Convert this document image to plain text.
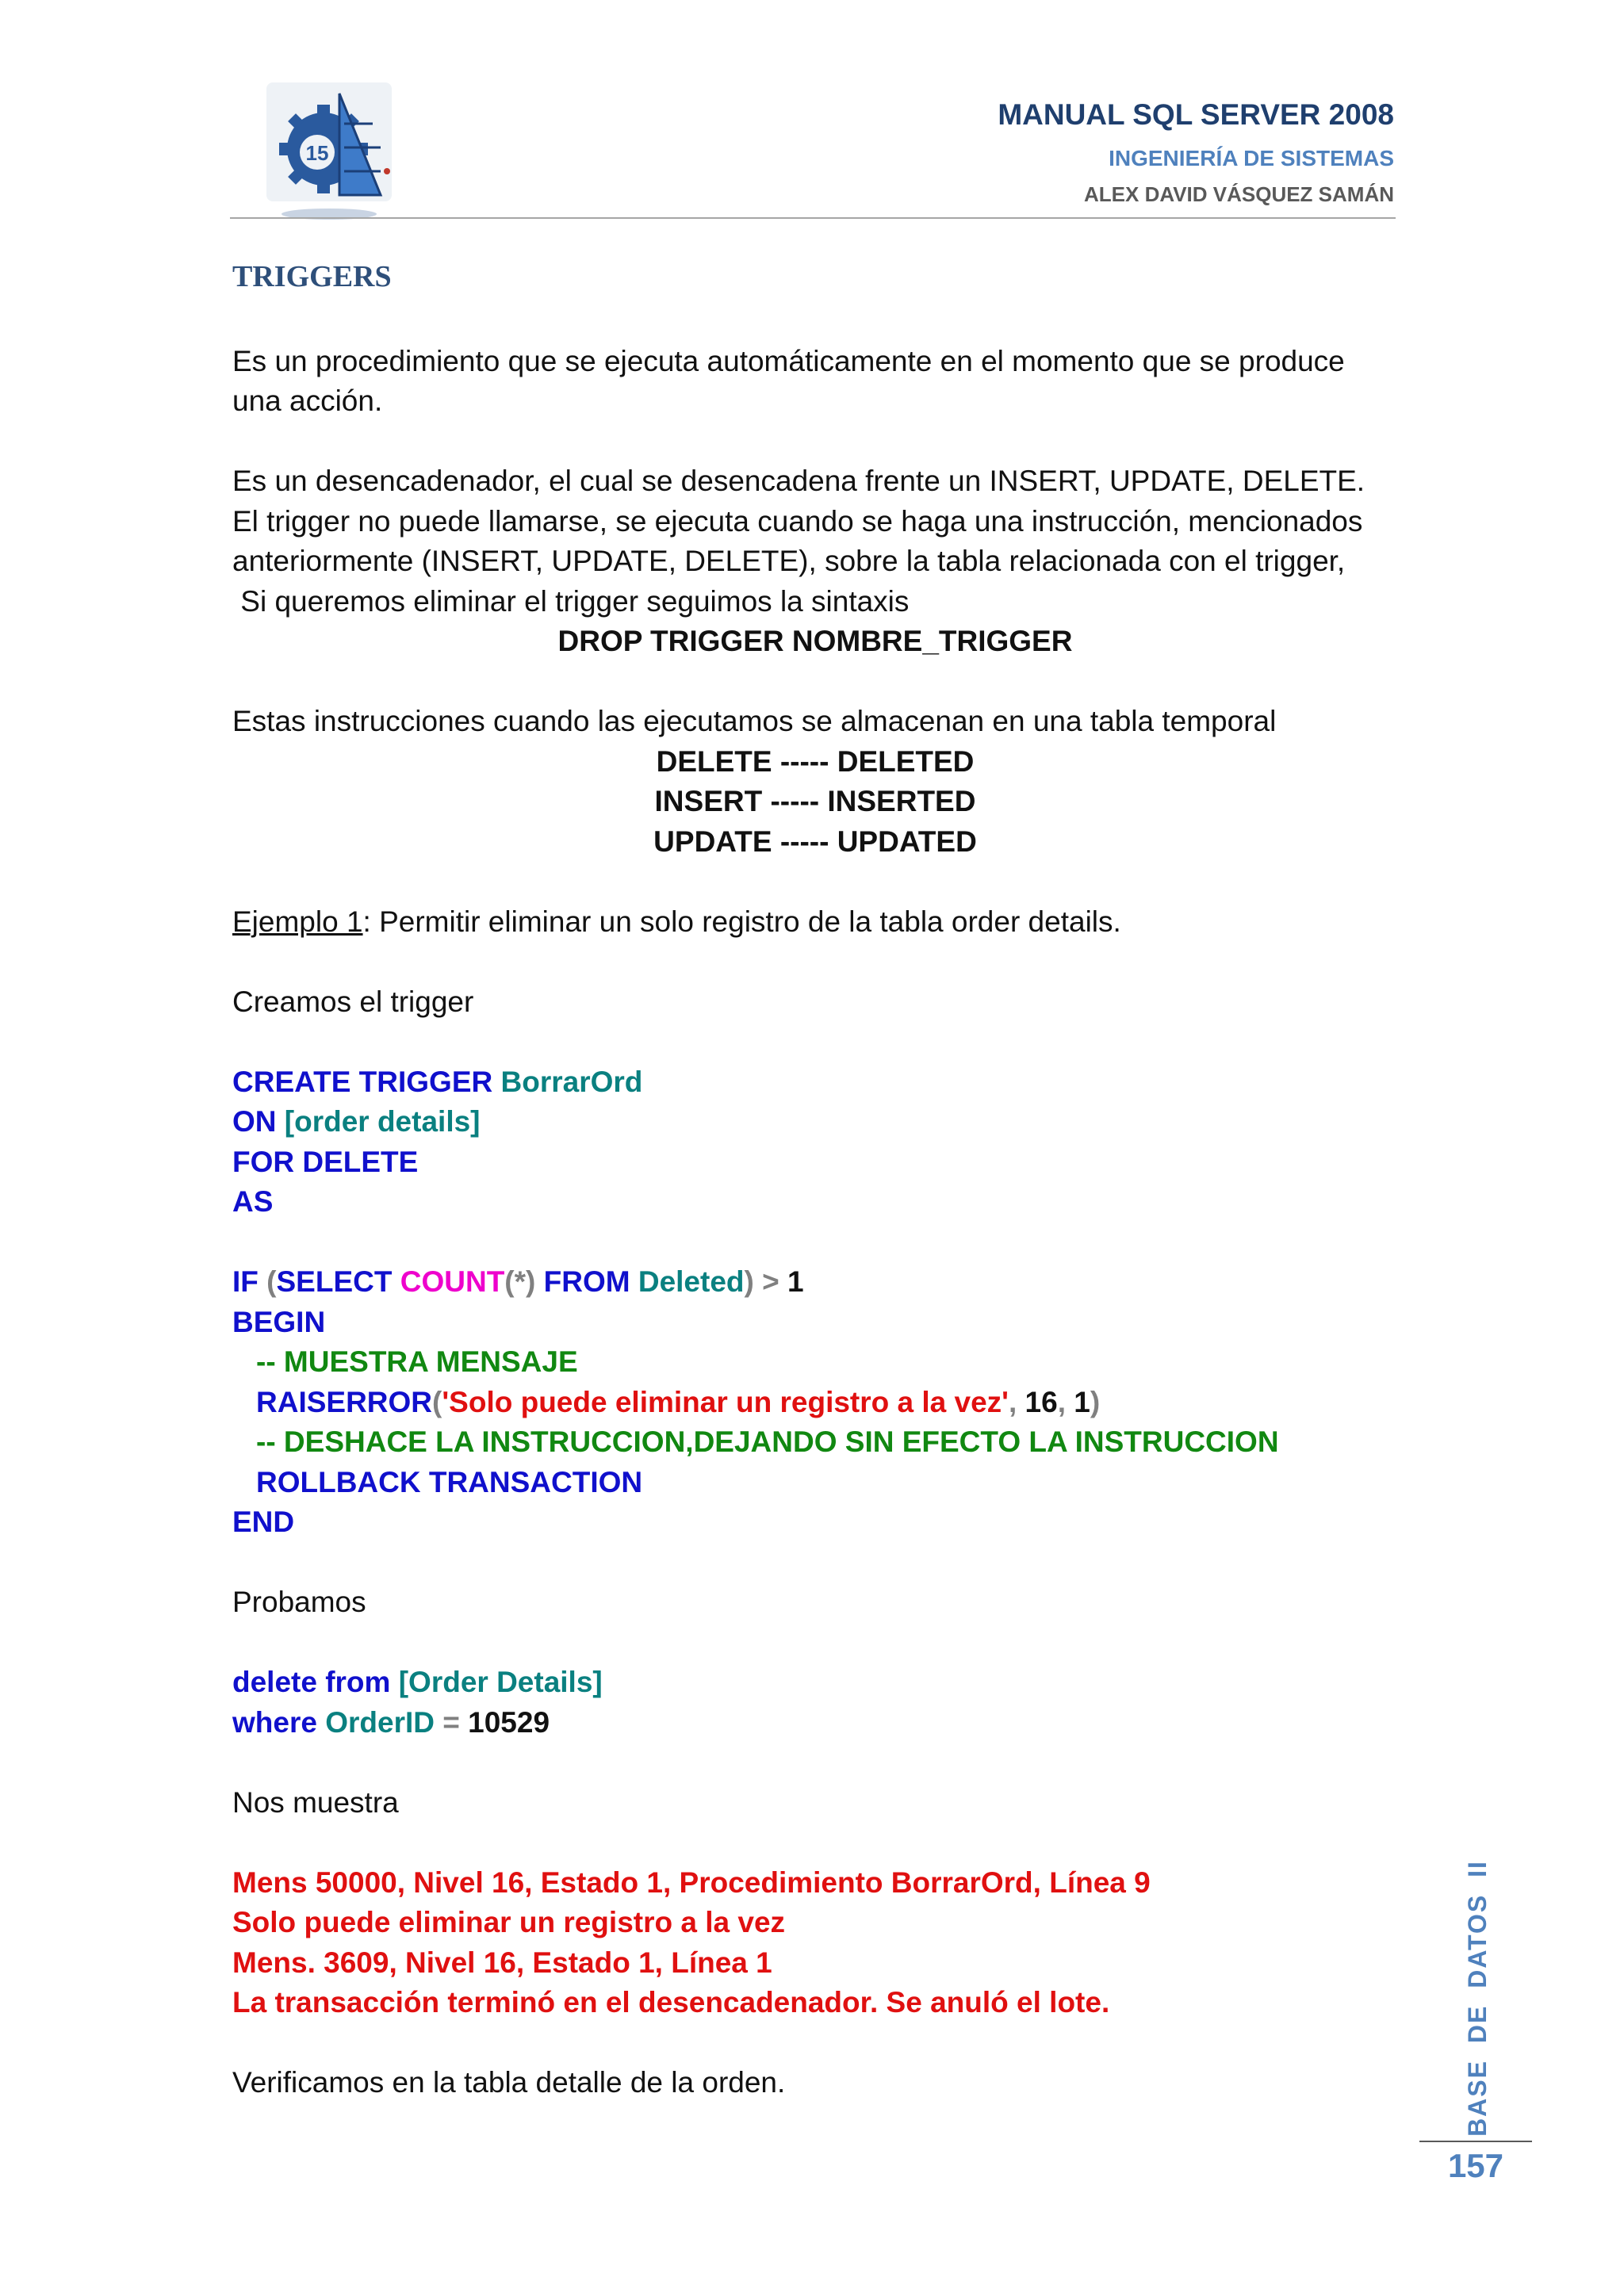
15
MANUAL SQL SERVER 2008
INGENIERÍA DE SISTEMAS
ALEX DAVID VÁSQUEZ SAMÁN
TRIGGERS
Es un procedimiento que se ejecuta automáticamente en el momento que se produce
una acción.
Es un desencadenador, el cual se desencadena frente un INSERT, UPDATE, DELETE.
El trigger no puede llamarse, se ejecuta cuando se haga una instrucción, mencionados
anteriormente (INSERT, UPDATE, DELETE), sobre la tabla relacionada con el trigger,
Si queremos eliminar el trigger seguimos la sintaxis
DROP TRIGGER NOMBRE_TRIGGER
Estas instrucciones cuando las ejecutamos se almacenan en una tabla temporal
DELETE ----- DELETED
INSERT ----- INSERTED
UPDATE ----- UPDATED
Ejemplo 1: Permitir eliminar un solo registro de la tabla order details.
Creamos el trigger
CREATE TRIGGER BorrarOrd
ON [order details]
FOR DELETE
AS
IF (SELECT COUNT(*) FROM Deleted) > 1
BEGIN
-- MUESTRA MENSAJE
RAISERROR('Solo puede eliminar un registro a la vez', 16, 1)
-- DESHACE LA INSTRUCCION,DEJANDO SIN EFECTO LA INSTRUCCION
ROLLBACK TRANSACTION
END
Probamos
delete from [Order Details]
where OrderID = 10529
Nos muestra
Mens 50000, Nivel 16, Estado 1, Procedimiento BorrarOrd, Línea 9
Solo puede eliminar un registro a la vez
Mens. 3609, Nivel 16, Estado 1, Línea 1
La transacción terminó en el desencadenador. Se anuló el lote.
Verificamos en la tabla detalle de la orden.	BASE DE DATOS II
157
